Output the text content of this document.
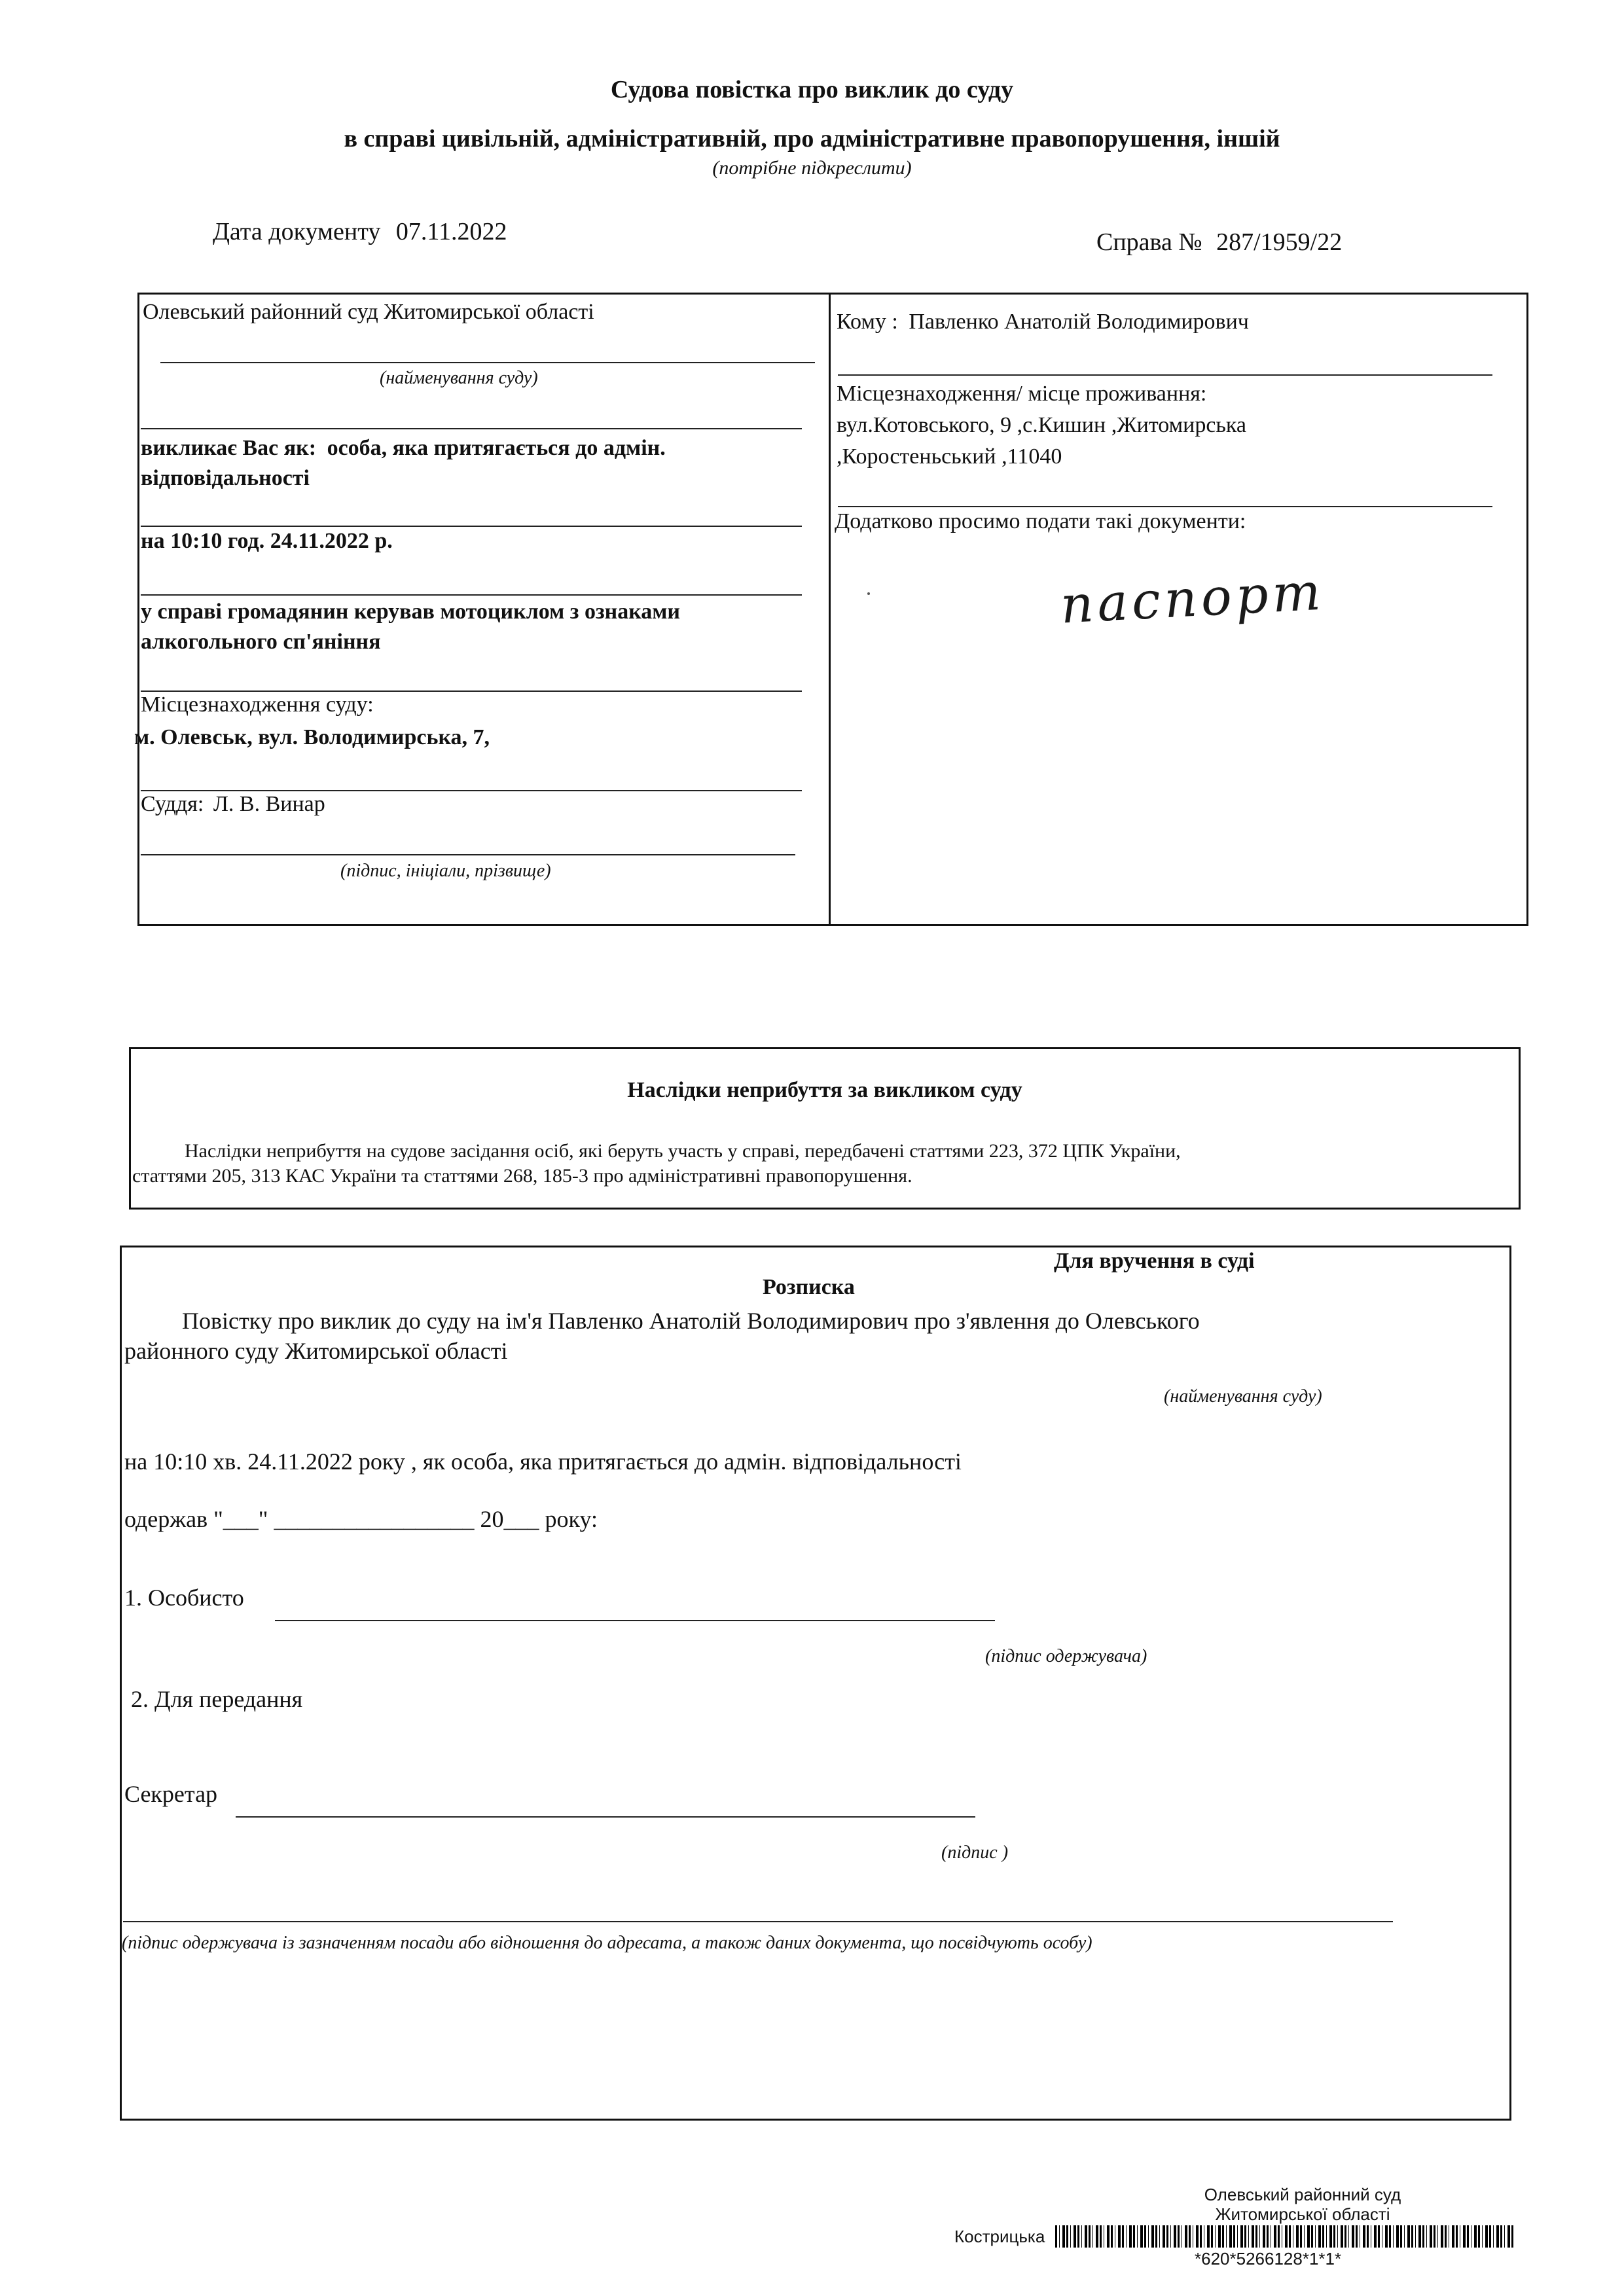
Судова повістка про виклик до суду
в справі цивільній, адміністративній, про адміністративне правопорушення, іншій
(потрібне підкреслити)
Дата документу 07.11.2022	Справа № 287/1959/22
Олевський районний суд Житомирської області
(найменування суду)
викликає Вас як: особа, яка притягається до адмін.
відповідальності
на 10:10 год. 24.11.2022 р.
у справі громадянин керував мотоциклом з ознаками
алкогольного сп'яніння
Місцезнаходження суду:
м. Олевськ, вул. Володимирська, 7,
Суддя: Л. В. Винар
(підпис, ініціали, прізвище)
Кому : Павленко Анатолій Володимирович
Місцезнаходження/ місце проживання:
вул.Котовського, 9 ,с.Кишин ,Житомирська
,Коростеньський ,11040
Додатково просимо подати такі документи:
паспорт
Наслідки неприбуття за викликом суду
Наслідки неприбуття на судове засідання осіб, які беруть участь у справі, передбачені статтями 223, 372 ЦПК України,
статтями 205, 313 КАС України та статтями 268, 185-3 про адміністративні правопорушення.
Для вручення в суді
Розписка
Повістку про виклик до суду на ім'я Павленко Анатолій Володимирович про з'явлення до Олевського
районного суду Житомирської області
(найменування суду)
на 10:10 хв. 24.11.2022 року , як особа, яка притягається до адмін. відповідальності
одержав "___" _________________ 20___ року:
1. Особисто
(підпис одержувача)
2. Для передання
Секретар
(підпис )
(підпис одержувача із зазначенням посади або відношення до адресата, а також даних документа, що посвідчують особу)
Олевський районний суд
Житомирської області
Кострицька
*620*5266128*1*1*
